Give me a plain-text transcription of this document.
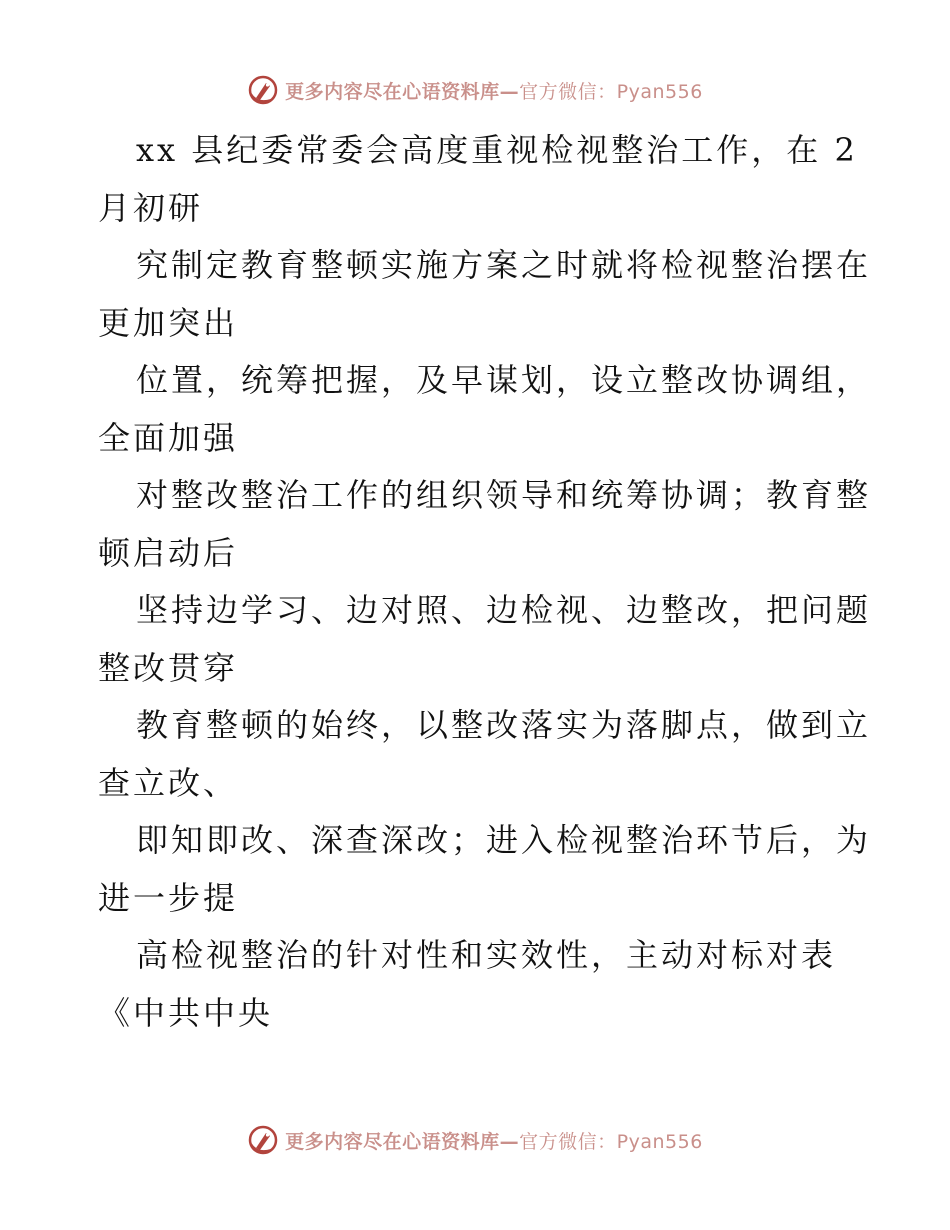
更多内容尽在心语资料库—官方微信：Pyan556
xx 县纪委常委会高度重视检视整治工作，在 2
月初研
究制定教育整顿实施方案之时就将检视整治摆在
更加突出
位置，统筹把握，及早谋划，设立整改协调组，
全面加强
对整改整治工作的组织领导和统筹协调；教育整
顿启动后
坚持边学习、边对照、边检视、边整改，把问题
整改贯穿
教育整顿的始终，以整改落实为落脚点，做到立
查立改、
即知即改、深查深改；进入检视整治环节后，为
进一步提
高检视整治的针对性和实效性，主动对标对表
《中共中央
更多内容尽在心语资料库—官方微信：Pyan556
